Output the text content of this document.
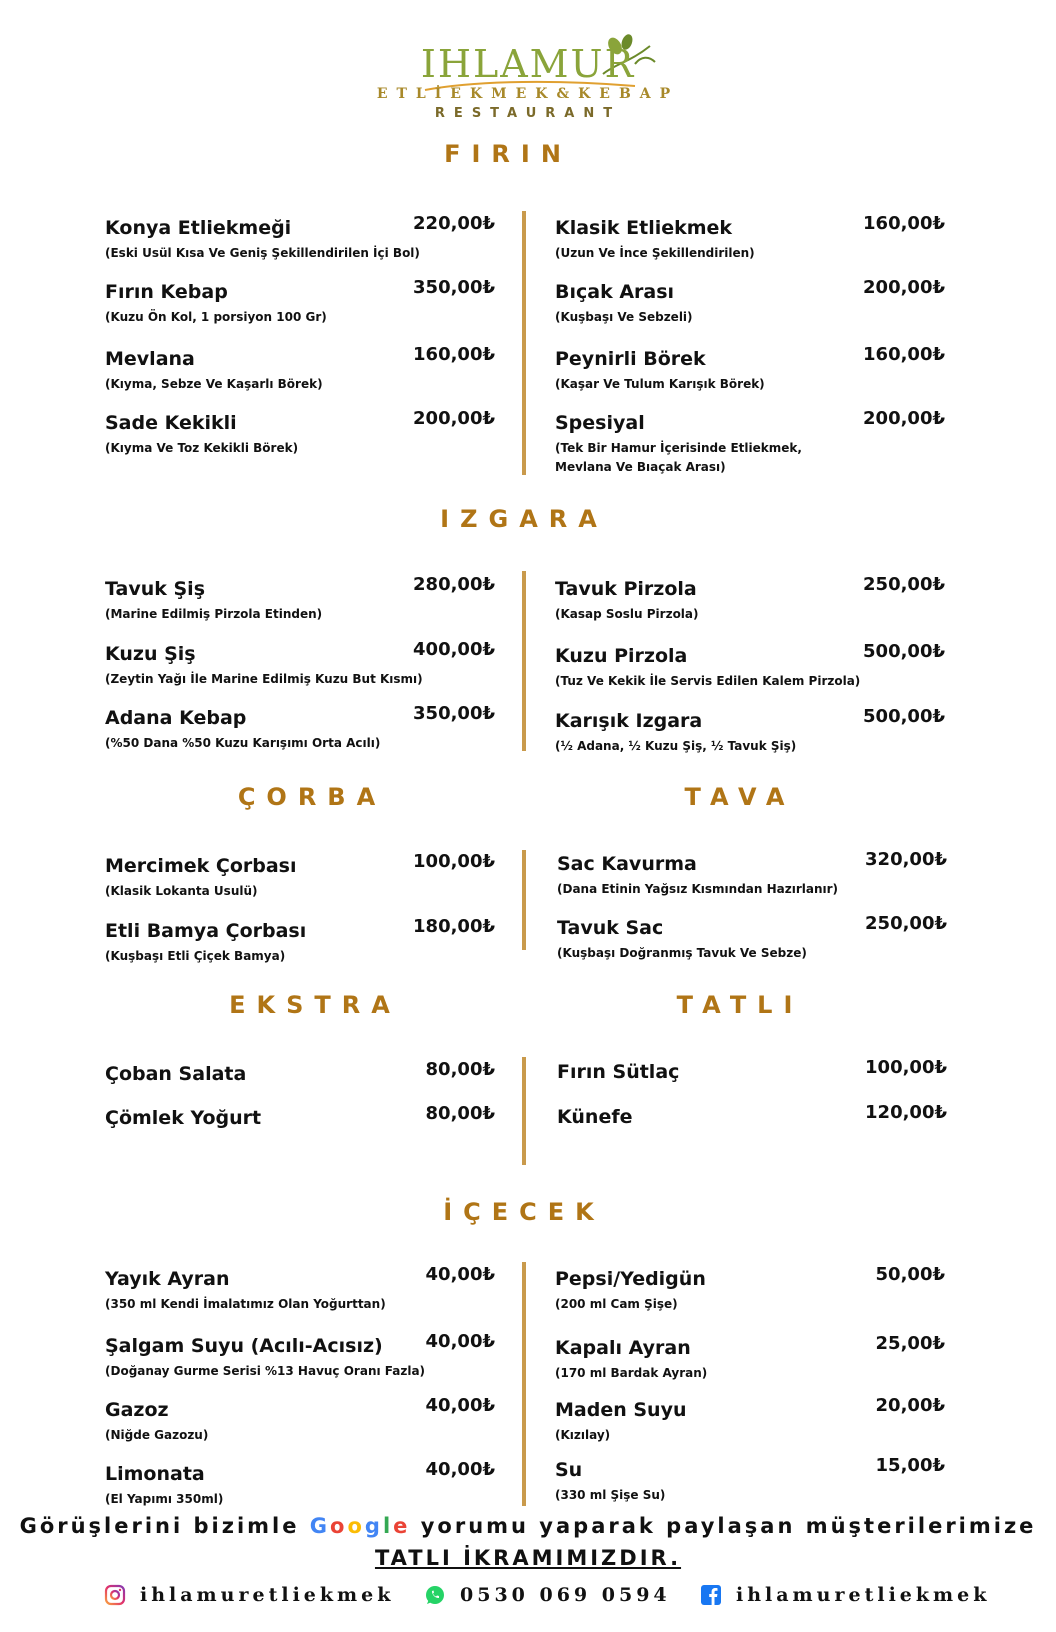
IHLAMUR
ETLİEKMEK&KEBAP
RESTAURANT
FIRIN
Konya Etliekmeği	220,00₺
(Eski Usül Kısa Ve Geniş Şekillendirilen İçi Bol)
Fırın Kebap	350,00₺
(Kuzu Ön Kol, 1 porsiyon 100 Gr)
Mevlana	160,00₺
(Kıyma, Sebze Ve Kaşarlı Börek)
Sade Kekikli	200,00₺
(Kıyma Ve Toz Kekikli Börek)
Klasik Etliekmek	160,00₺
(Uzun Ve İnce Şekillendirilen)
Bıçak Arası	200,00₺
(Kuşbaşı Ve Sebzeli)
Peynirli Börek	160,00₺
(Kaşar Ve Tulum Karışık Börek)
Spesiyal	200,00₺
(Tek Bir Hamur İçerisinde Etliekmek, Mevlana Ve Bıaçak Arası)
IZGARA
Tavuk Şiş	280,00₺
(Marine Edilmiş Pirzola Etinden)
Kuzu Şiş	400,00₺
(Zeytin Yağı İle Marine Edilmiş Kuzu But Kısmı)
Adana Kebap	350,00₺
(%50 Dana %50 Kuzu Karışımı Orta Acılı)
Tavuk Pirzola	250,00₺
(Kasap Soslu Pirzola)
Kuzu Pirzola	500,00₺
(Tuz Ve Kekik İle Servis Edilen Kalem Pirzola)
Karışık Izgara	500,00₺
(½ Adana, ½ Kuzu Şiş, ½ Tavuk Şiş)
ÇORBA	TAVA
Mercimek Çorbası	100,00₺
(Klasik Lokanta Usulü)
Etli Bamya Çorbası	180,00₺
(Kuşbaşı Etli Çiçek Bamya)
Sac Kavurma	320,00₺
(Dana Etinin Yağsız Kısmından Hazırlanır)
Tavuk Sac	250,00₺
(Kuşbaşı Doğranmış Tavuk Ve Sebze)
EKSTRA	TATLI
Çoban Salata	80,00₺
Çömlek Yoğurt	80,00₺
Fırın Sütlaç	100,00₺
Künefe	120,00₺
İÇECEK
Yayık Ayran	40,00₺
(350 ml Kendi İmalatımız Olan Yoğurttan)
Şalgam Suyu (Acılı-Acısız) 40,00₺
(Doğanay Gurme Serisi %13 Havuç Oranı Fazla)
Gazoz	40,00₺
(Niğde Gazozu)
Limonata	40,00₺
(El Yapımı 350ml)
Pepsi/Yedigün	50,00₺
(200 ml Cam Şişe)
Kapalı Ayran	25,00₺
(170 ml Bardak Ayran)
Maden Suyu	20,00₺
(Kızılay)
Su	15,00₺
(330 ml Şişe Su)
Görüşlerini bizimle Google yorumu yaparak paylaşan müşterilerimize
TATLI İKRAMIMIZDIR.
ihlamuretliekmek	0530 069 0594	ihlamuretliekmek
